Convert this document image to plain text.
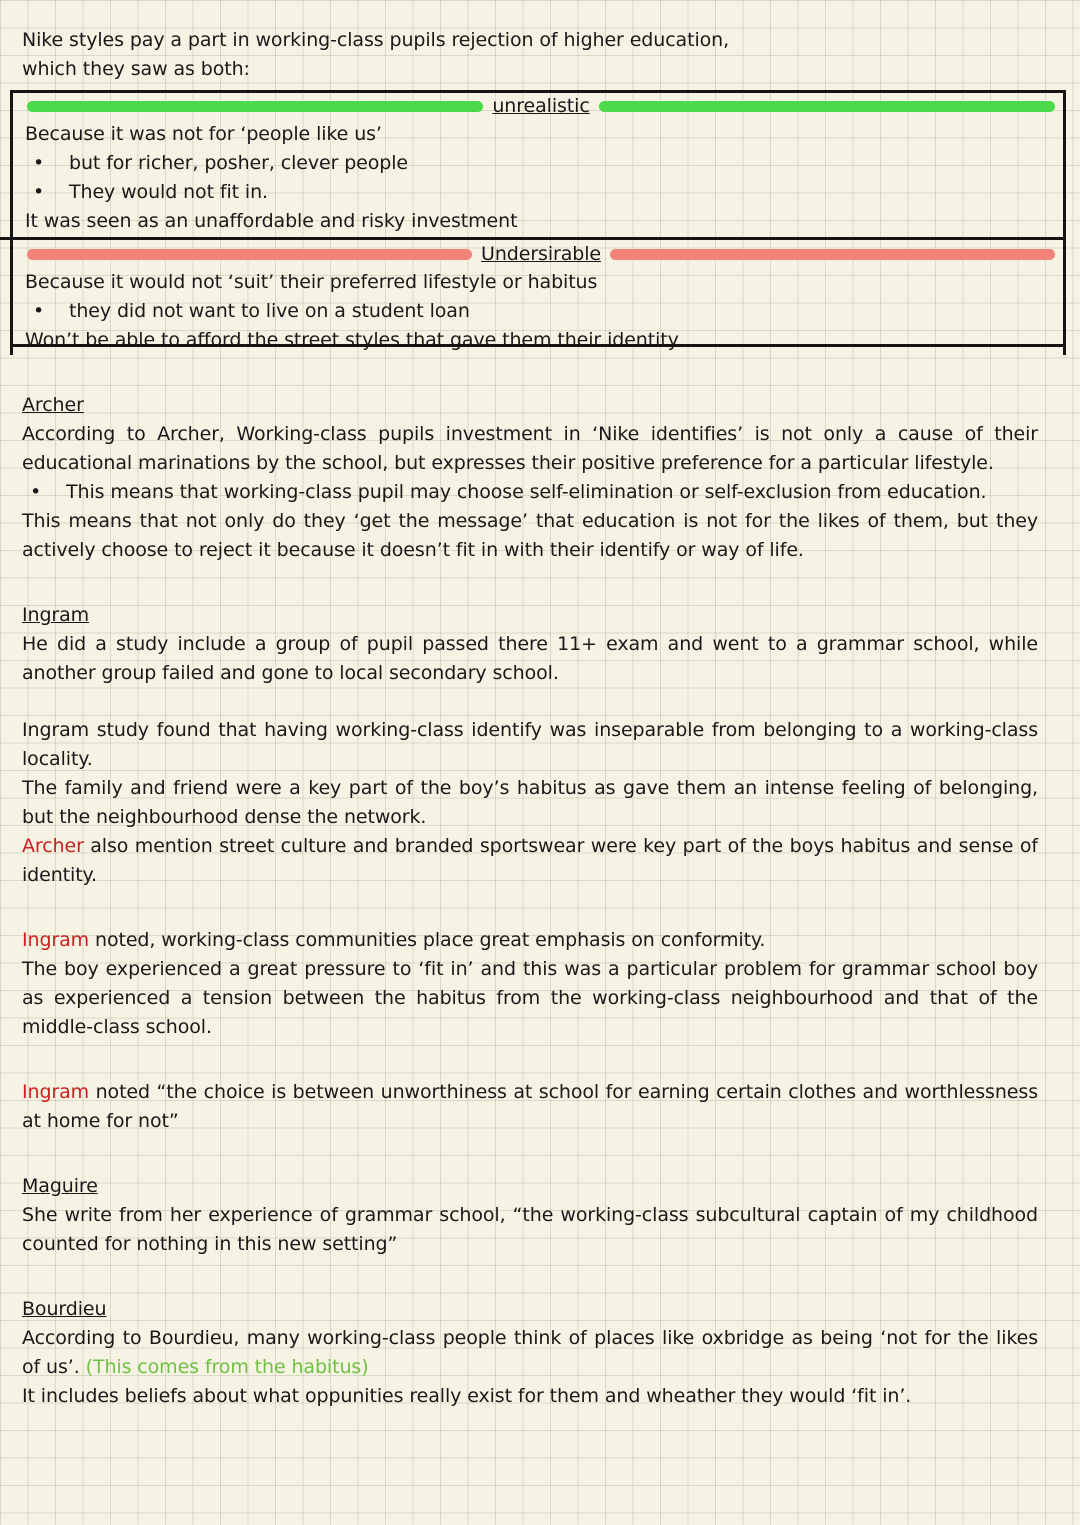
Nike styles pay a part in working-class pupils rejection of higher education,
which they saw as both:
unrealistic
Because it was not for ‘people like us’
•	but for richer, posher, clever people
•	They would not fit in.
It was seen as an unaffordable and risky investment
Undersirable
Because it would not ‘suit’ their preferred lifestyle or habitus
•	they did not want to live on a student loan
Won’t be able to afford the street styles that gave them their identity
Archer

According to Archer, Working-class pupils investment in ‘Nike identifies’ is not only a cause of their educational marinations by the school, but expresses their positive preference for a particular lifestyle.

•	This means that working-class pupil may choose self-elimination or self-exclusion from education.

This means that not only do they ‘get the message’ that education is not for the likes of them, but they actively choose to reject it because it doesn’t fit in with their identify or way of life.

Ingram

He did a study include a group of pupil passed there 11+ exam and went to a grammar school, while another group failed and gone to local secondary school.

Ingram study found that having working-class identify was inseparable from belonging to a working-class locality.

The family and friend were a key part of the boy’s habitus as gave them an intense feeling of belonging, but the neighbourhood dense the network.

Archer also mention street culture and branded sportswear were key part of the boys habitus and sense of identity.

Ingram noted, working-class communities place great emphasis on conformity.

The boy experienced a great pressure to ‘fit in’ and this was a particular problem for grammar school boy as experienced a tension between the habitus from the working-class neighbourhood and that of the middle-class school.

Ingram noted “the choice is between unworthiness at school for earning certain clothes and worthlessness at home for not”

Maguire

She write from her experience of grammar school, “the working-class subcultural captain of my childhood counted for nothing in this new setting”

Bourdieu

According to Bourdieu, many working-class people think of places like oxbridge as being ‘not for the likes of us’. (This comes from the habitus)

It includes beliefs about what oppunities really exist for them and wheather they would ‘fit in’.
